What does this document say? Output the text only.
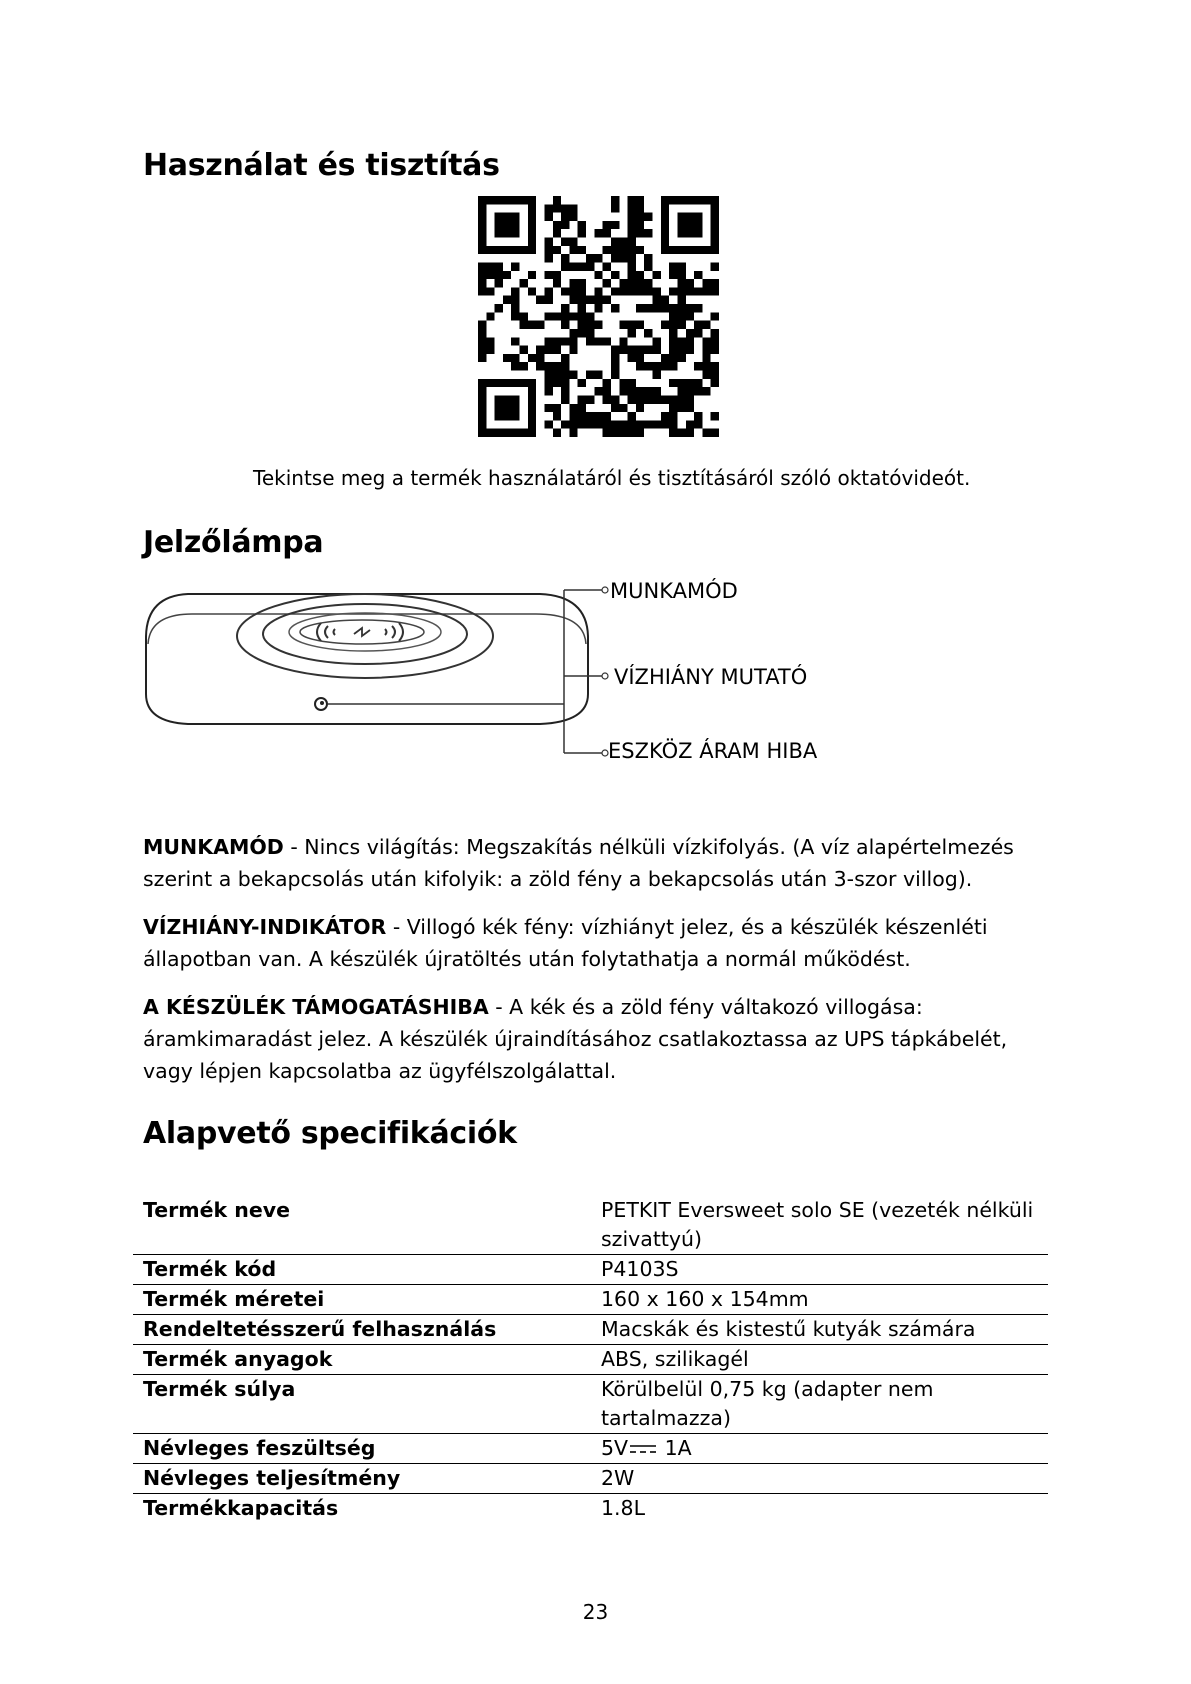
Használat és tisztítás
Tekintse meg a termék használatáról és tisztításáról szóló oktatóvideót.
Jelzőlámpa
MUNKAMÓD
VÍZHIÁNY MUTATÓ
ESZKÖZ ÁRAM HIBA

MUNKAMÓD - Nincs világítás: Megszakítás nélküli vízkifolyás. (A víz alapértelmezés szerint a bekapcsolás után kifolyik: a zöld fény a bekapcsolás után 3-szor villog).

VÍZHIÁNY-INDIKÁTOR - Villogó kék fény: vízhiányt jelez, és a készülék készenléti állapotban van. A készülék újratöltés után folytathatja a normál működést.

A KÉSZÜLÉK TÁMOGATÁSHIBA - A kék és a zöld fény váltakozó villogása: áramkimaradást jelez. A készülék újraindításához csatlakoztassa az UPS tápkábelét, vagy lépjen kapcsolatba az ügyfélszolgálattal.

Alapvető specifikációk
Termék neve	PETKIT Eversweet solo SE (vezeték nélküli szivattyú)
Termék kód	P4103S
Termék méretei	160 x 160 x 154mm
Rendeltetésszerű felhasználás	Macskák és kistestű kutyák számára
Termék anyagok	ABS, szilikagél
Termék súlya	Körülbelül 0,75 kg (adapter nem tartalmazza)
Névleges feszültség	5V 1A
Névleges teljesítmény	2W
Termékkapacitás	1.8L
23
